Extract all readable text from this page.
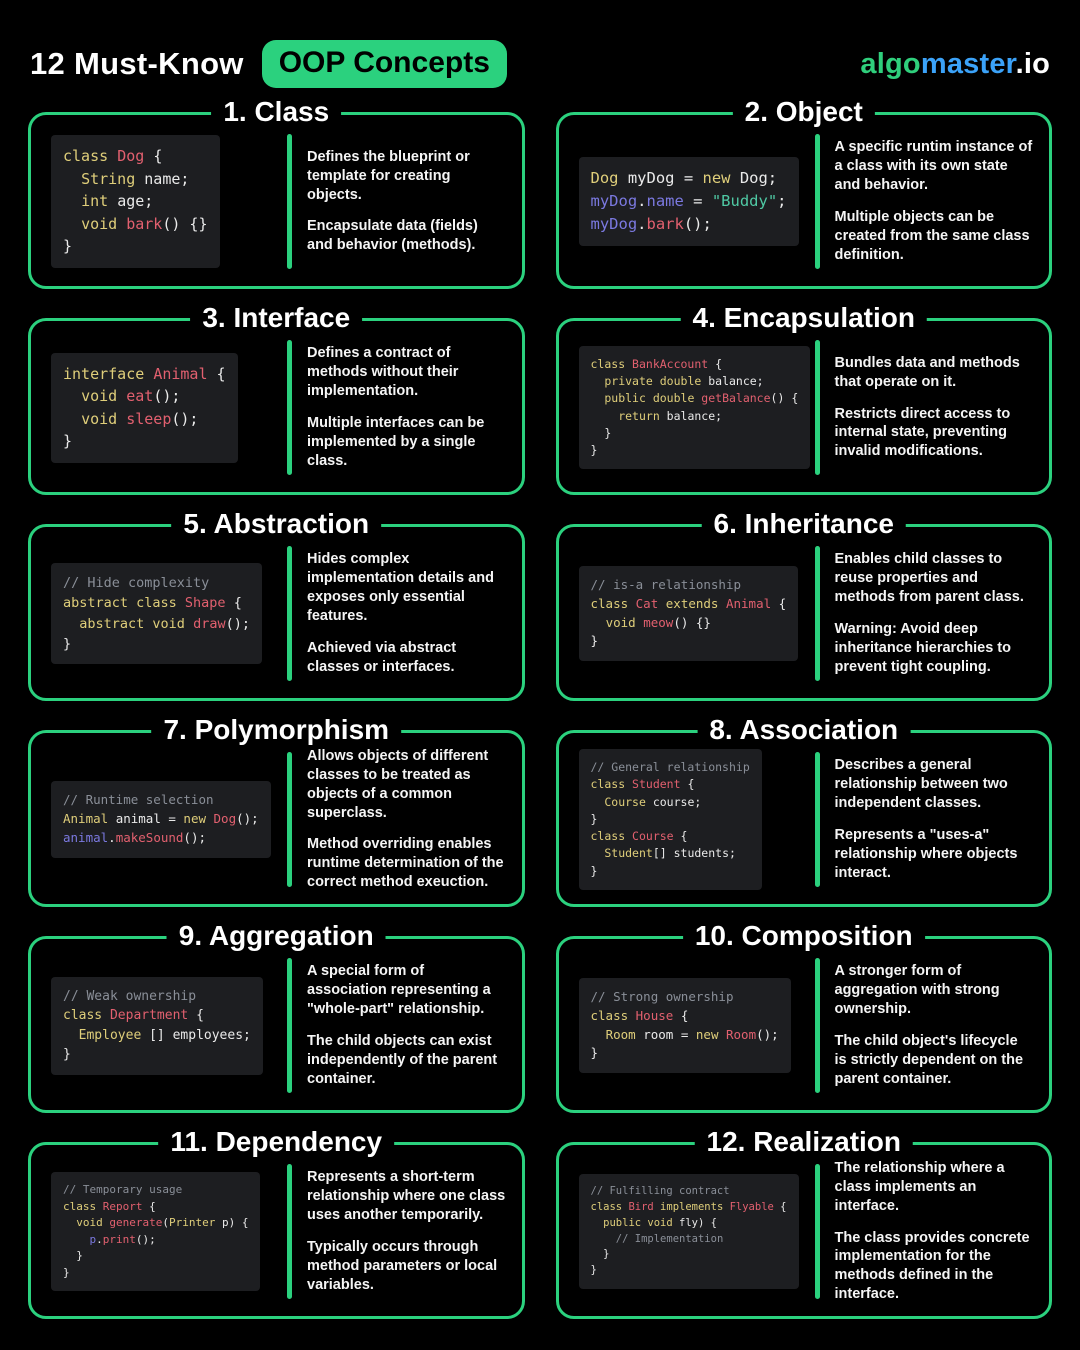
12 Must-Know	OOP Concepts	algomaster.io
1. Class
class Dog {
String name;
int age;
void bark() {}
}

Defines the blueprint or template for creating objects.

Encapsulate data (fields) and behavior (methods).

2. Object
Dog myDog = new Dog;
myDog.name = "Buddy";
myDog.bark();

A specific runtim instance of a class with its own state and behavior.

Multiple objects can be created from the same class definition.

3. Interface
interface Animal {
void eat();
void sleep();
}

Defines a contract of methods without their implementation.

Multiple interfaces can be implemented by a single class.

4. Encapsulation
class BankAccount {
private double balance;
public double getBalance() {
return balance;
}
}

Bundles data and methods that operate on it.

Restricts direct access to internal state, preventing invalid modifications.

5. Abstraction
// Hide complexity
abstract class Shape {
abstract void draw();
}

Hides complex implementation details and exposes only essential features.

Achieved via abstract classes or interfaces.

6. Inheritance
// is-a relationship
class Cat extends Animal {
void meow() {}
}

Enables child classes to reuse properties and methods from parent class.

Warning: Avoid deep inheritance hierarchies to prevent tight coupling.

7. Polymorphism
// Runtime selection
Animal animal = new Dog();
animal.makeSound();

Allows objects of different classes to be treated as objects of a common superclass.

Method overriding enables runtime determination of the correct method exeuction.

8. Association
// General relationship
class Student {
Course course;
}
class Course {
Student[] students;
}

Describes a general relationship between two independent classes.

Represents a "uses-a" relationship where objects interact.

9. Aggregation
// Weak ownership
class Department {
Employee [] employees;
}

A special form of association representing a "whole-part" relationship.

The child objects can exist independently of the parent container.

10. Composition
// Strong ownership
class House {
Room room = new Room();
}

A stronger form of aggregation with strong ownership.

The child object's lifecycle is strictly dependent on the parent container.

11. Dependency
// Temporary usage
class Report {
void generate(Printer p) {
p.print();
}
}

Represents a short-term relationship where one class uses another temporarily.

Typically occurs through method parameters or local variables.

12. Realization
// Fulfilling contract
class Bird implements Flyable {
public void fly) {
// Implementation
}
}

The relationship where a class implements an interface.

The class provides concrete implementation for the methods defined in the interface.
